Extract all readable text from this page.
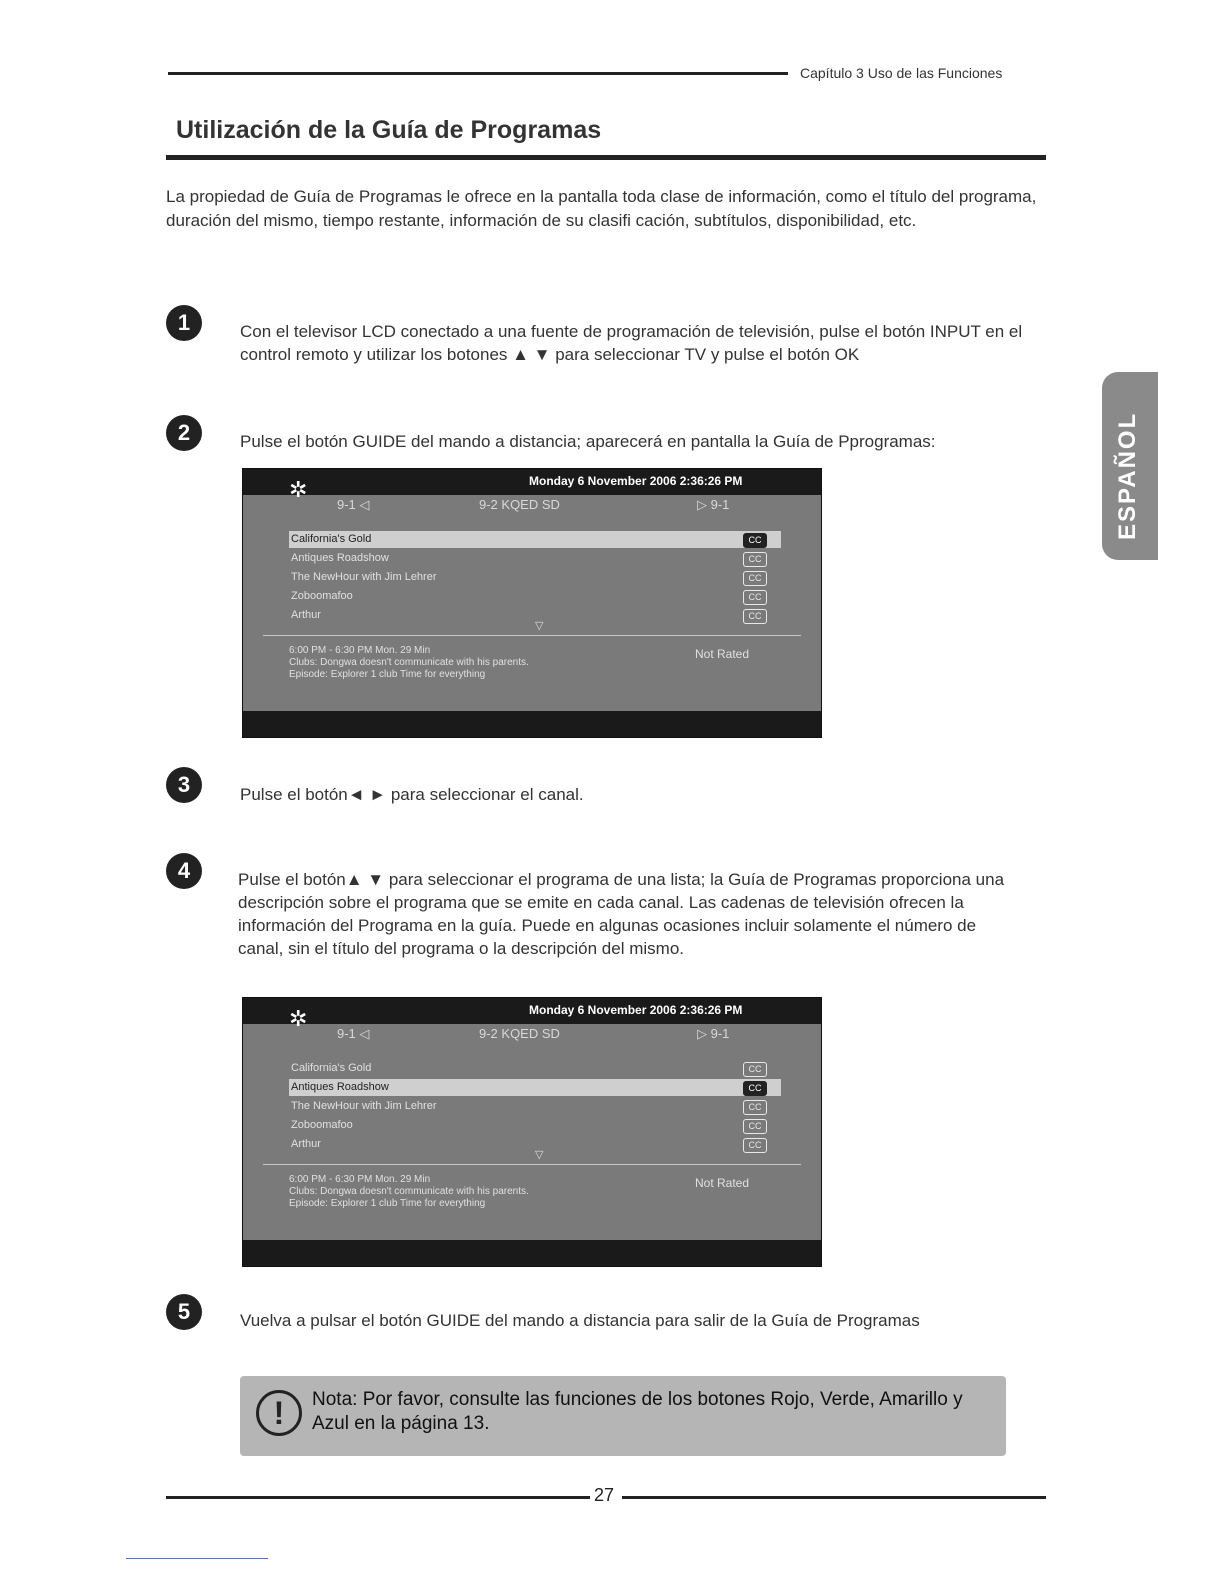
Capítulo 3 Uso de las Funciones
Utilización de la Guía de Programas
La propiedad de Guía de Programas le ofrece en la pantalla toda clase de información, como el título del programa, duración del mismo, tiempo restante, información de su clasifi cación, subtítulos, disponibilidad, etc.
ESPAÑOL
1	Con el televisor LCD conectado a una fuente de programación de televisión, pulse el botón INPUT en el control remoto y utilizar los botones ▲ ▼ para seleccionar TV y pulse el botón OK
2	Pulse el botón GUIDE del mando a distancia; aparecerá en pantalla la Guía de Pprogramas:
✲	Monday 6 November 2006 2:36:26 PM
9-1 ◁	9-2 KQED SD	▷ 9-1
California's Gold	CC
Antiques Roadshow	CC
The NewHour with Jim Lehrer	CC
Zoboomafoo	CC
Arthur	CC
▽
6:00 PM - 6:30 PM Mon. 29 Min
Clubs: Dongwa doesn't communicate with his parents.
Episode: Explorer 1 club Time for everything
Not Rated
3	Pulse el botón◄ ► para seleccionar el canal.
4	Pulse el botón▲ ▼ para seleccionar el programa de una lista; la Guía de Programas proporciona una descripción sobre el programa que se emite en cada canal. Las cadenas de televisión ofrecen la información del Programa en la guía. Puede en algunas ocasiones incluir solamente el número de canal, sin el título del programa o la descripción del mismo.
✲	Monday 6 November 2006 2:36:26 PM
9-1 ◁	9-2 KQED SD	▷ 9-1
California's Gold	CC
Antiques Roadshow	CC
The NewHour with Jim Lehrer	CC
Zoboomafoo	CC
Arthur	CC
▽
6:00 PM - 6:30 PM Mon. 29 Min
Clubs: Dongwa doesn't communicate with his parents.
Episode: Explorer 1 club Time for everything
Not Rated
5	Vuelva a pulsar el botón GUIDE del mando a distancia para salir de la Guía de Programas
!	Nota: Por favor, consulte las funciones de los botones Rojo, Verde, Amarillo y Azul en la página 13.
27
